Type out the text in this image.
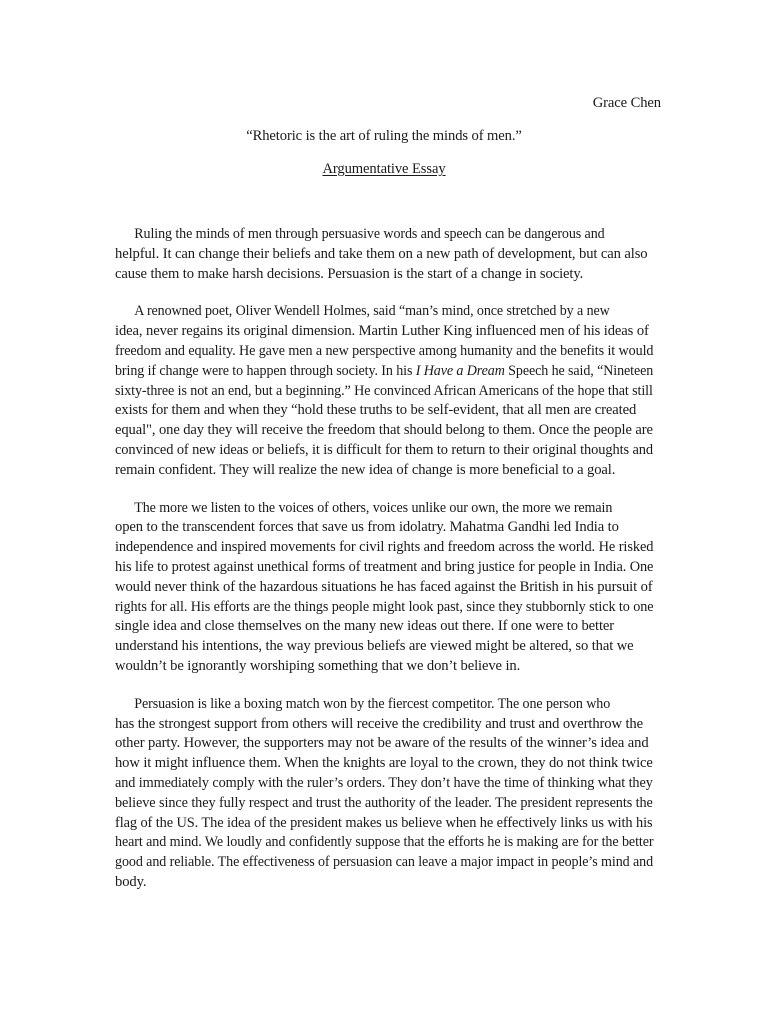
Grace Chen

“Rhetoric is the art of ruling the minds of men.”

Argumentative Essay

Ruling the minds of men through persuasive words and speech can be dangerous and
helpful. It can change their beliefs and take them on a new path of development, but can also
cause them to make harsh decisions. Persuasion is the start of a change in society.

A renowned poet, Oliver Wendell Holmes, said “man’s mind, once stretched by a new
idea, never regains its original dimension. Martin Luther King influenced men of his ideas of
freedom and equality. He gave men a new perspective among humanity and the benefits it would
bring if change were to happen through society. In his I Have a Dream Speech he said, “Nineteen
sixty-three is not an end, but a beginning.” He convinced African Americans of the hope that still
exists for them and when they “hold these truths to be self-evident, that all men are created
equal", one day they will receive the freedom that should belong to them. Once the people are
convinced of new ideas or beliefs, it is difficult for them to return to their original thoughts and
remain confident. They will realize the new idea of change is more beneficial to a goal.

The more we listen to the voices of others, voices unlike our own, the more we remain
open to the transcendent forces that save us from idolatry. Mahatma Gandhi led India to
independence and inspired movements for civil rights and freedom across the world. He risked
his life to protest against unethical forms of treatment and bring justice for people in India. One
would never think of the hazardous situations he has faced against the British in his pursuit of
rights for all. His efforts are the things people might look past, since they stubbornly stick to one
single idea and close themselves on the many new ideas out there. If one were to better
understand his intentions, the way previous beliefs are viewed might be altered, so that we
wouldn’t be ignorantly worshiping something that we don’t believe in.

Persuasion is like a boxing match won by the fiercest competitor. The one person who
has the strongest support from others will receive the credibility and trust and overthrow the
other party. However, the supporters may not be aware of the results of the winner’s idea and
how it might influence them. When the knights are loyal to the crown, they do not think twice
and immediately comply with the ruler’s orders. They don’t have the time of thinking what they
believe since they fully respect and trust the authority of the leader. The president represents the
flag of the US. The idea of the president makes us believe when he effectively links us with his
heart and mind. We loudly and confidently suppose that the efforts he is making are for the better
good and reliable. The effectiveness of persuasion can leave a major impact in people’s mind and
body.
